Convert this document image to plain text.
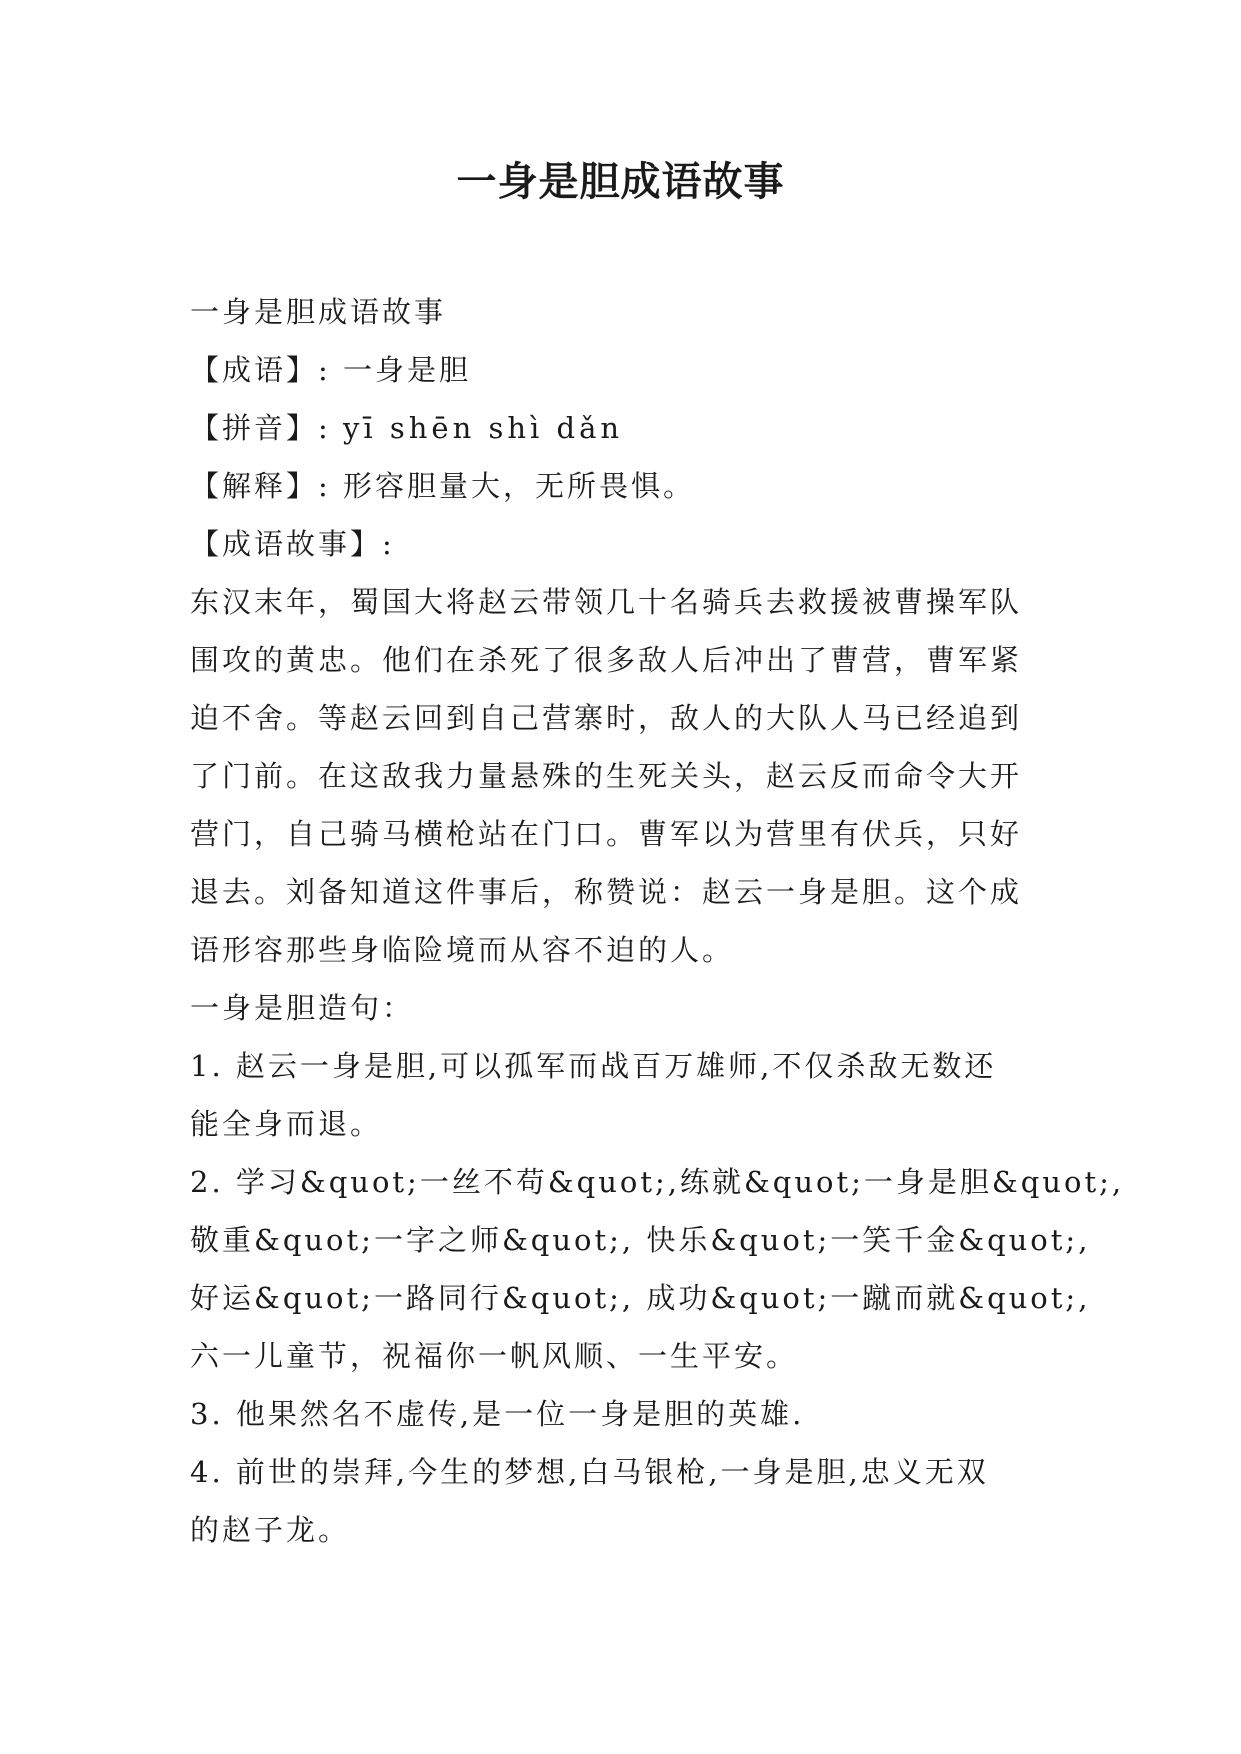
一身是胆成语故事
一身是胆成语故事
【成语】: 一身是胆
【拼音】: yī shēn shì dǎn
【解释】: 形容胆量大，无所畏惧。
【成语故事】:
东汉末年，蜀国大将赵云带领几十名骑兵去救援被曹操军队
围攻的黄忠。他们在杀死了很多敌人后冲出了曹营，曹军紧
迫不舍。等赵云回到自己营寨时，敌人的大队人马已经追到
了门前。在这敌我力量悬殊的生死关头，赵云反而命令大开
营门，自己骑马横枪站在门口。曹军以为营里有伏兵，只好
退去。刘备知道这件事后，称赞说：赵云一身是胆。这个成
语形容那些身临险境而从容不迫的人。
一身是胆造句：
1. 赵云一身是胆,可以孤军而战百万雄师,不仅杀敌无数还
能全身而退。
2. 学习&quot;一丝不苟&quot;,练就&quot;一身是胆&quot;,
敬重&quot;一字之师&quot;, 快乐&quot;一笑千金&quot;,
好运&quot;一路同行&quot;, 成功&quot;一蹴而就&quot;,
六一儿童节，祝福你一帆风顺、一生平安。
3. 他果然名不虚传,是一位一身是胆的英雄.
4. 前世的崇拜,今生的梦想,白马银枪,一身是胆,忠义无双
的赵子龙。
